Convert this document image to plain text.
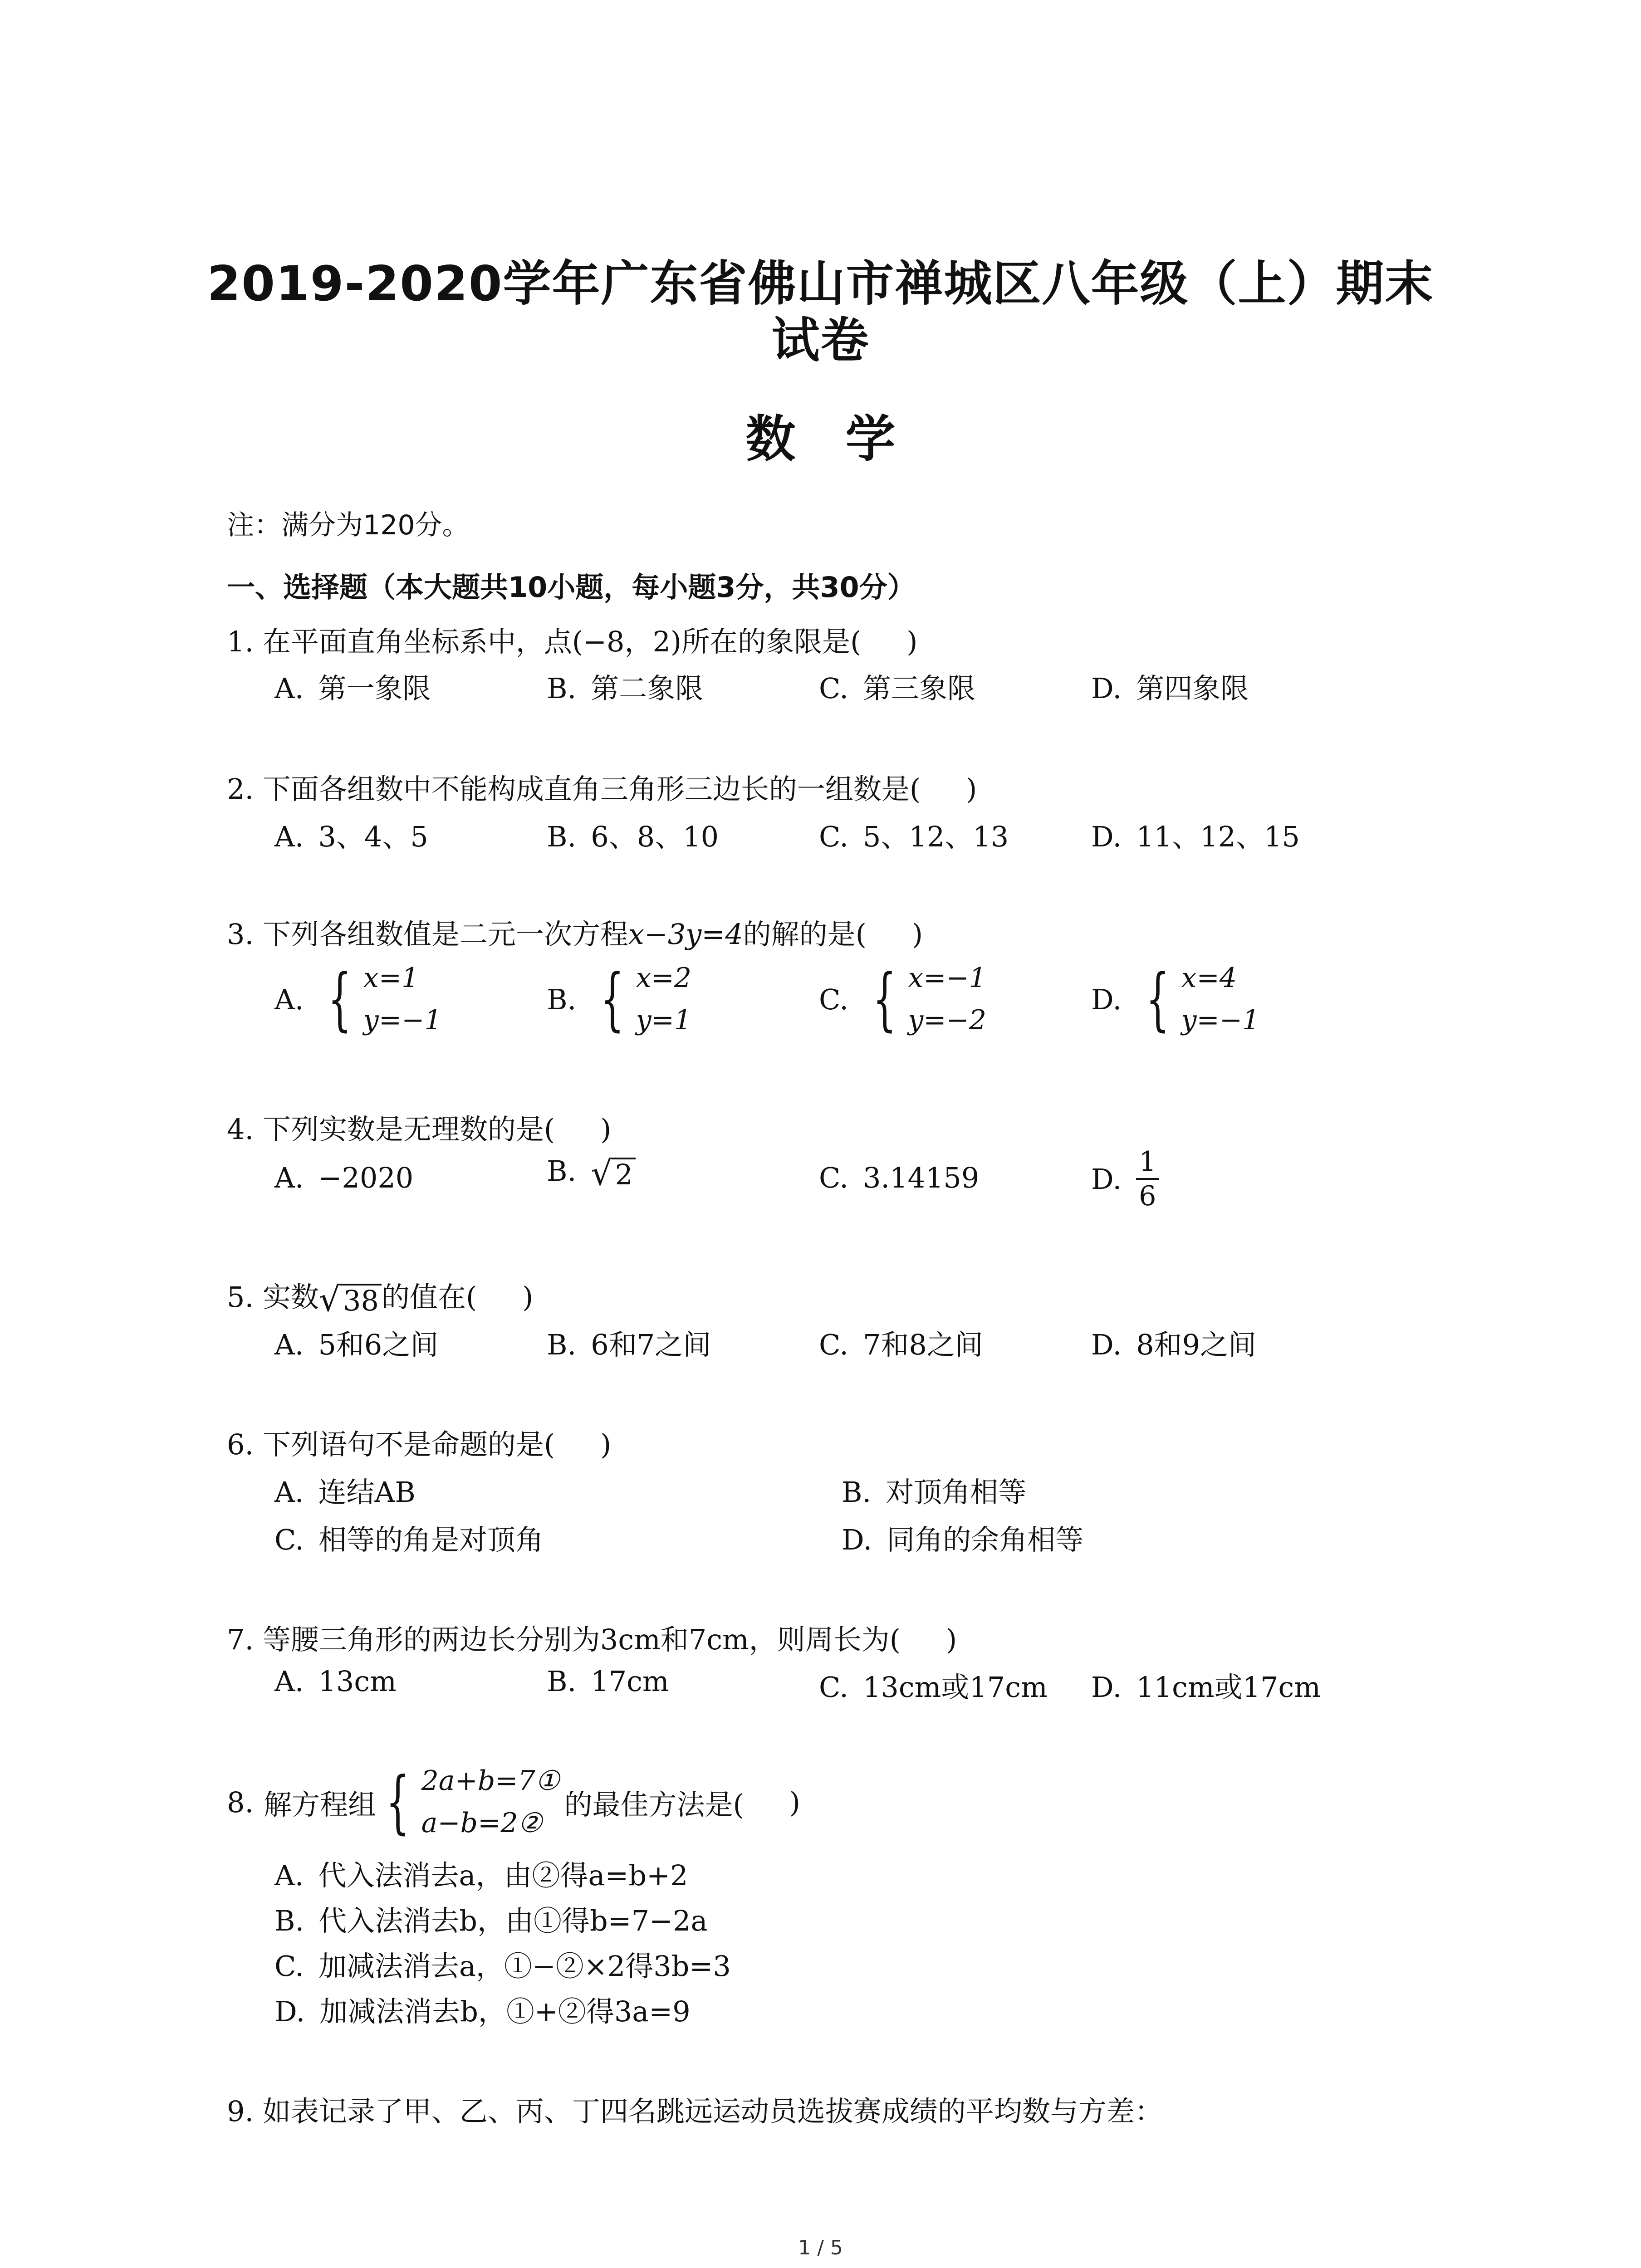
2019-2020学年广东省佛山市禅城区八年级（上）期末
试卷
数学
注：满分为120分。
一、选择题（本大题共10小题，每小题3分，共30分）
1. 在平面直角坐标系中，点(−8，2)所在的象限是( )
A. 第一象限	B. 第二象限	C. 第三象限	D. 第四象限
2. 下面各组数中不能构成直角三角形三边长的一组数是( )
A. 3、4、5	B. 6、8、10	C. 5、12、13	D. 11、12、15
3. 下列各组数值是二元一次方程x−3y=4的解的是( )
A. { x=1
y=−1
B. { x=2
y=1
C. { x=−1
y=−2
D. { x=4
y=−1
4. 下列实数是无理数的是( )
A. −2020	B. √ 2	C. 3.14159	D. $\frac{1}{6}$
5. 实数 √ 38 的值在( )
A. 5和6之间	B. 6和7之间	C. 7和8之间	D. 8和9之间
6. 下列语句不是命题的是( )
A. 连结AB	B. 对顶角相等
C. 相等的角是对顶角	D. 同角的余角相等
7. 等腰三角形的两边长分别为3cm和7cm，则周长为( )
A. 13cm	B. 17cm	C. 13cm或17cm D. 11cm或17cm
8. 解方程组 { 2a+b=7①
a−b=2②
的最佳方法是( )
A. 代入法消去a，由②得a=b+2
B. 代入法消去b，由①得b=7−2a
C. 加减法消去a，①−②×2得3b=3
D. 加减法消去b，①+②得3a=9
9. 如表记录了甲、乙、丙、丁四名跳远运动员选拔赛成绩的平均数与方差：
1 / 5
